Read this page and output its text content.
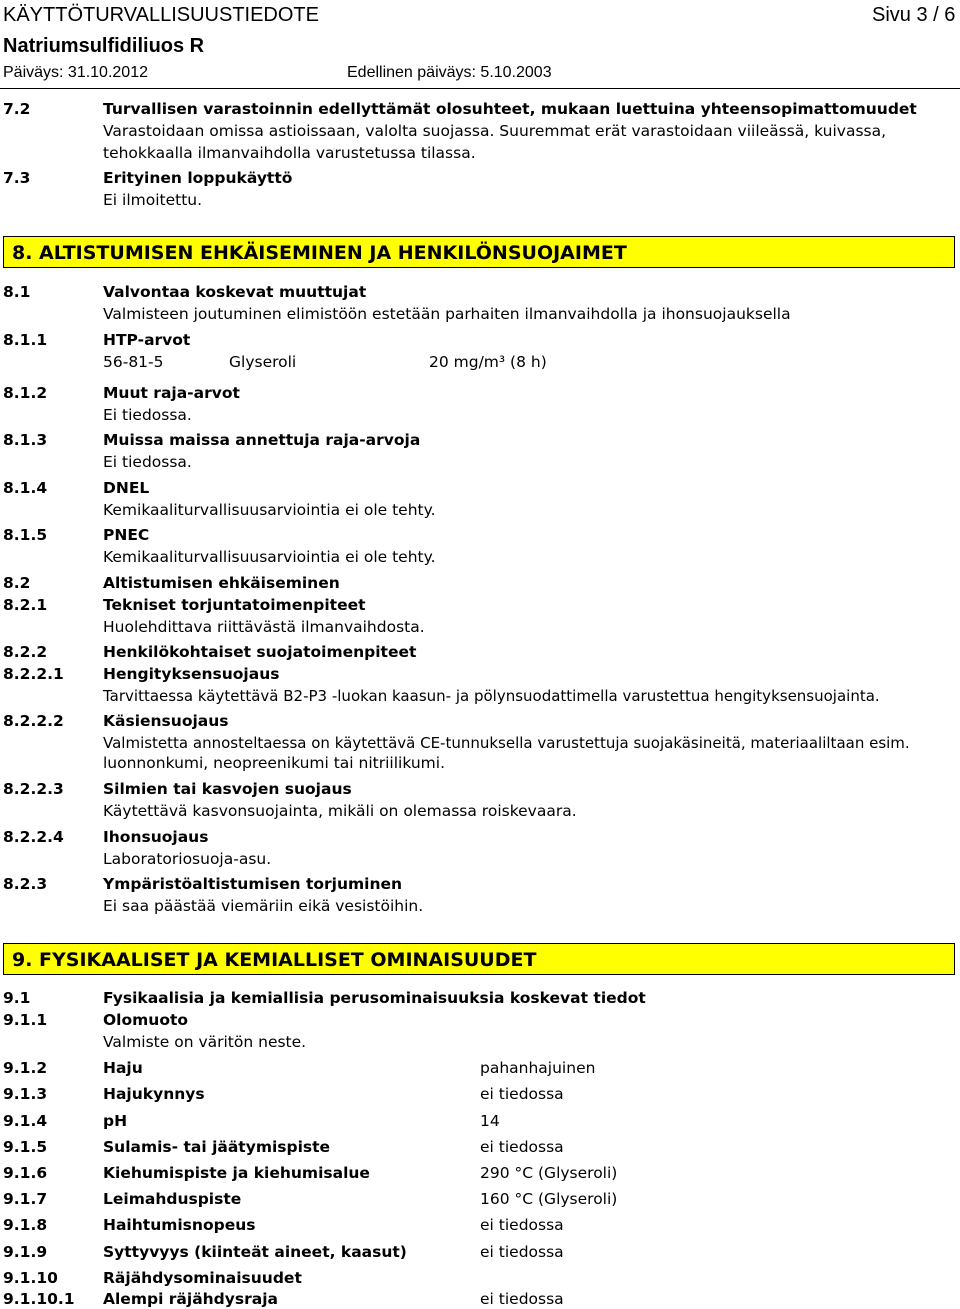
KÄYTTÖTURVALLISUUSTIEDOTE	Sivu 3 / 6
Natriumsulfidiliuos R
Päiväys: 31.10.2012	Edellinen päiväys: 5.10.2003
7.2	Turvallisen varastoinnin edellyttämät olosuhteet, mukaan luettuina yhteensopimattomuudet
Varastoidaan omissa astioissaan, valolta suojassa. Suuremmat erät varastoidaan viileässä, kuivassa,
tehokkaalla ilmanvaihdolla varustetussa tilassa.
7.3	Erityinen loppukäyttö
Ei ilmoitettu.
8. ALTISTUMISEN EHKÄISEMINEN JA HENKILÖNSUOJAIMET
8.1	Valvontaa koskevat muuttujat
Valmisteen joutuminen elimistöön estetään parhaiten ilmanvaihdolla ja ihonsuojauksella
8.1.1	HTP-arvot
56-81-5	Glyseroli	20 mg/m³ (8 h)
8.1.2	Muut raja-arvot
Ei tiedossa.
8.1.3	Muissa maissa annettuja raja-arvoja
Ei tiedossa.
8.1.4	DNEL
Kemikaaliturvallisuusarviointia ei ole tehty.
8.1.5	PNEC
Kemikaaliturvallisuusarviointia ei ole tehty.
8.2	Altistumisen ehkäiseminen
8.2.1	Tekniset torjuntatoimenpiteet
Huolehdittava riittävästä ilmanvaihdosta.
8.2.2	Henkilökohtaiset suojatoimenpiteet
8.2.2.1	Hengityksensuojaus
Tarvittaessa käytettävä B2-P3 -luokan kaasun- ja pölynsuodattimella varustettua hengityksensuojainta.
8.2.2.2	Käsiensuojaus
Valmistetta annosteltaessa on käytettävä CE-tunnuksella varustettuja suojakäsineitä, materiaaliltaan esim.
luonnonkumi, neopreenikumi tai nitriilikumi.
8.2.2.3	Silmien tai kasvojen suojaus
Käytettävä kasvonsuojainta, mikäli on olemassa roiskevaara.
8.2.2.4	Ihonsuojaus
Laboratoriosuoja-asu.
8.2.3	Ympäristöaltistumisen torjuminen
Ei saa päästää viemäriin eikä vesistöihin.
9. FYSIKAALISET JA KEMIALLISET OMINAISUUDET
9.1	Fysikaalisia ja kemiallisia perusominaisuuksia koskevat tiedot
9.1.1	Olomuoto
Valmiste on väritön neste.
9.1.2	Haju	pahanhajuinen
9.1.3	Hajukynnys	ei tiedossa
9.1.4	pH	14
9.1.5	Sulamis- tai jäätymispiste	ei tiedossa
9.1.6	Kiehumispiste ja kiehumisalue	290 °C (Glyseroli)
9.1.7	Leimahduspiste	160 °C (Glyseroli)
9.1.8	Haihtumisnopeus	ei tiedossa
9.1.9	Syttyvyys (kiinteät aineet, kaasut)	ei tiedossa
9.1.10	Räjähdysominaisuudet
9.1.10.1 Alempi räjähdysraja	ei tiedossa
